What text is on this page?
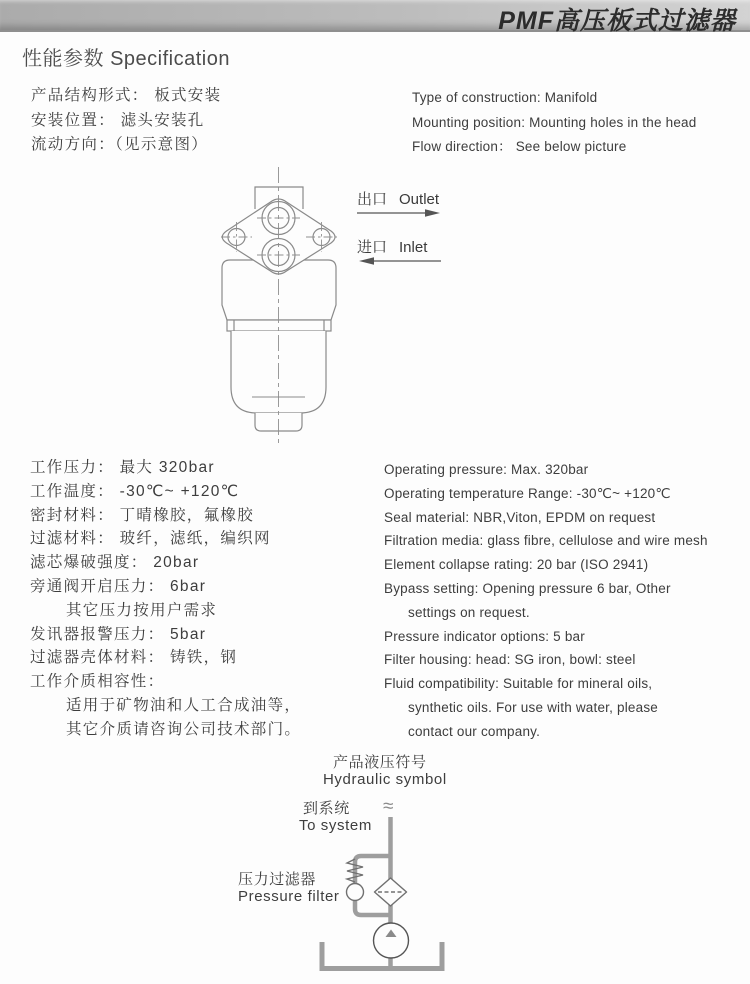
PMF高压板式过滤器
性能参数 Specification
产品结构形式： 板式安装
安装位置： 滤头安装孔
流动方向：（见示意图）
Type of construction: Manifold
Mounting position: Mounting holes in the head
Flow direction： See below picture
出口 Outlet
进口 Inlet
工作压力： 最大 320bar
工作温度： -30℃~ +120℃
密封材料： 丁晴橡胶，氟橡胶
过滤材料： 玻纤，滤纸，编织网
滤芯爆破强度： 20bar
旁通阀开启压力： 6bar
其它压力按用户需求
发讯器报警压力： 5bar
过滤器壳体材料： 铸铁，钢
工作介质相容性：
适用于矿物油和人工合成油等，
其它介质请咨询公司技术部门。
Operating pressure: Max. 320bar
Operating temperature Range: -30℃~ +120℃
Seal material: NBR,Viton, EPDM on request
Filtration media: glass fibre, cellulose and wire mesh
Element collapse rating: 20 bar (ISO 2941)
Bypass setting: Opening pressure 6 bar, Other
settings on request.
Pressure indicator options: 5 bar
Filter housing: head: SG iron, bowl: steel
Fluid compatibility: Suitable for mineral oils,
synthetic oils. For use with water, please
contact our company.
产品液压符号
Hydraulic symbol
到系统
To system
压力过滤器
Pressure filter
≈
